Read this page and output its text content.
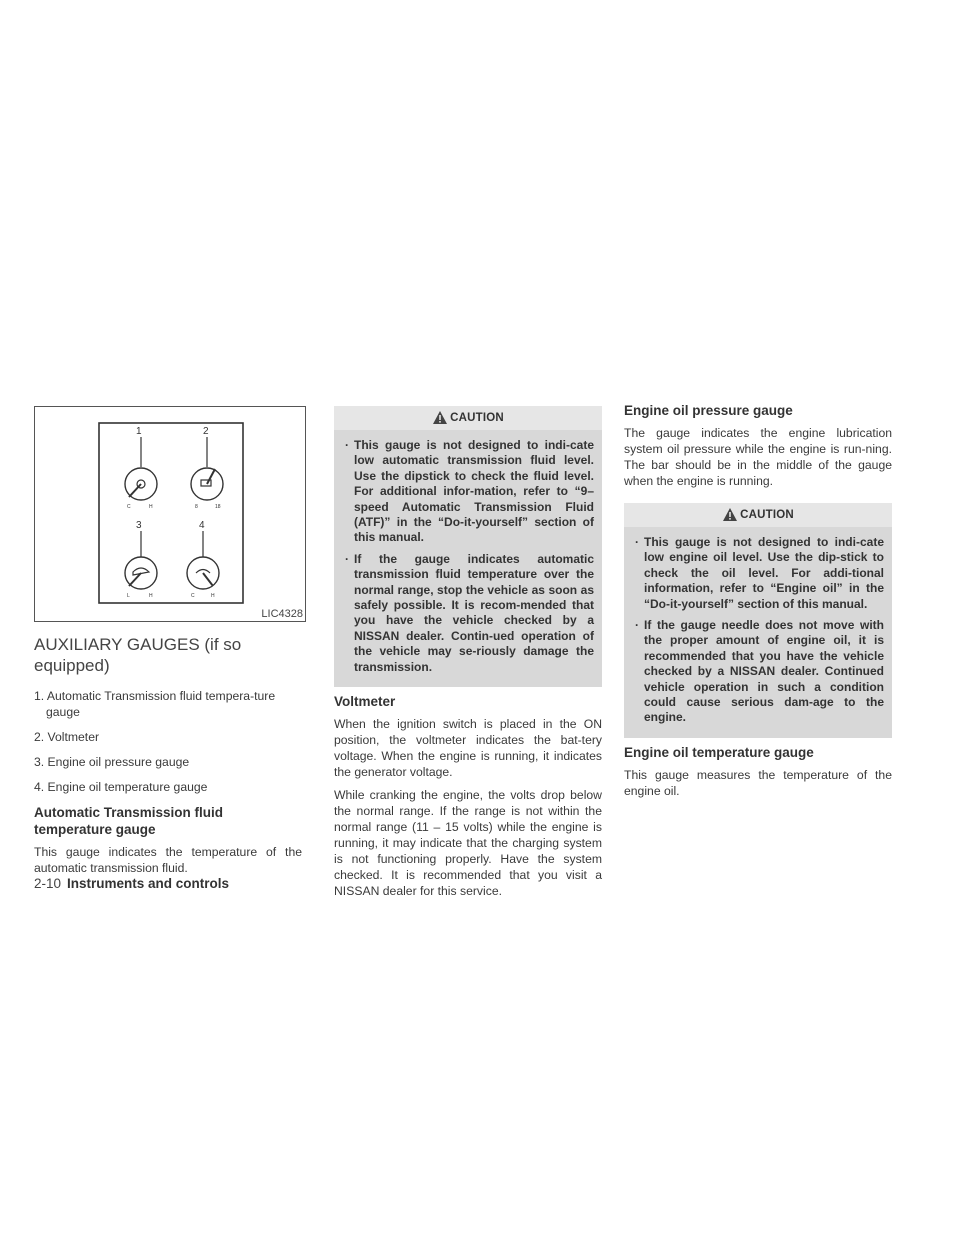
1	2
3	4
C	H	8	18
L	H	C	H
LIC4328
AUXILIARY GAUGES (if so equipped)
1. Automatic Transmission fluid tempera-ture gauge
2. Voltmeter
3. Engine oil pressure gauge
4. Engine oil temperature gauge
Automatic Transmission fluid temperature gauge

This gauge indicates the temperature of the automatic transmission fluid.

CAUTION
· This gauge is not designed to indi-cate low automatic transmission fluid level. Use the dipstick to check the fluid level. For additional infor-mation, refer to “9–speed Automatic Transmission Fluid (ATF)” in the “Do-it-yourself” section of this manual.
· If the gauge indicates automatic transmission fluid temperature over the normal range, stop the vehicle as soon as safely possible. It is recom-mended that you have the vehicle checked by a NISSAN dealer. Contin-ued operation of the vehicle may se-riously damage the transmission.
Voltmeter

When the ignition switch is placed in the ON position, the voltmeter indicates the bat-tery voltage. When the engine is running, it indicates the generator voltage.

While cranking the engine, the volts drop below the normal range. If the range is not within the normal range (11 – 15 volts) while the engine is running, it may indicate that the charging system is not functioning properly. Have the system checked. It is recommended that you visit a NISSAN dealer for this service.

Engine oil pressure gauge

The gauge indicates the engine lubrication system oil pressure while the engine is run-ning. The bar should be in the middle of the gauge when the engine is running.

CAUTION
· This gauge is not designed to indi-cate low engine oil level. Use the dip-stick to check the oil level. For addi-tional information, refer to “Engine oil” in the “Do-it-yourself” section of this manual.
· If the gauge needle does not move with the proper amount of engine oil, it is recommended that you have the vehicle checked by a NISSAN dealer. Continued vehicle operation in such a condition could cause serious dam-age to the engine.
Engine oil temperature gauge

This gauge measures the temperature of the engine oil.

2-10 Instruments and controls
